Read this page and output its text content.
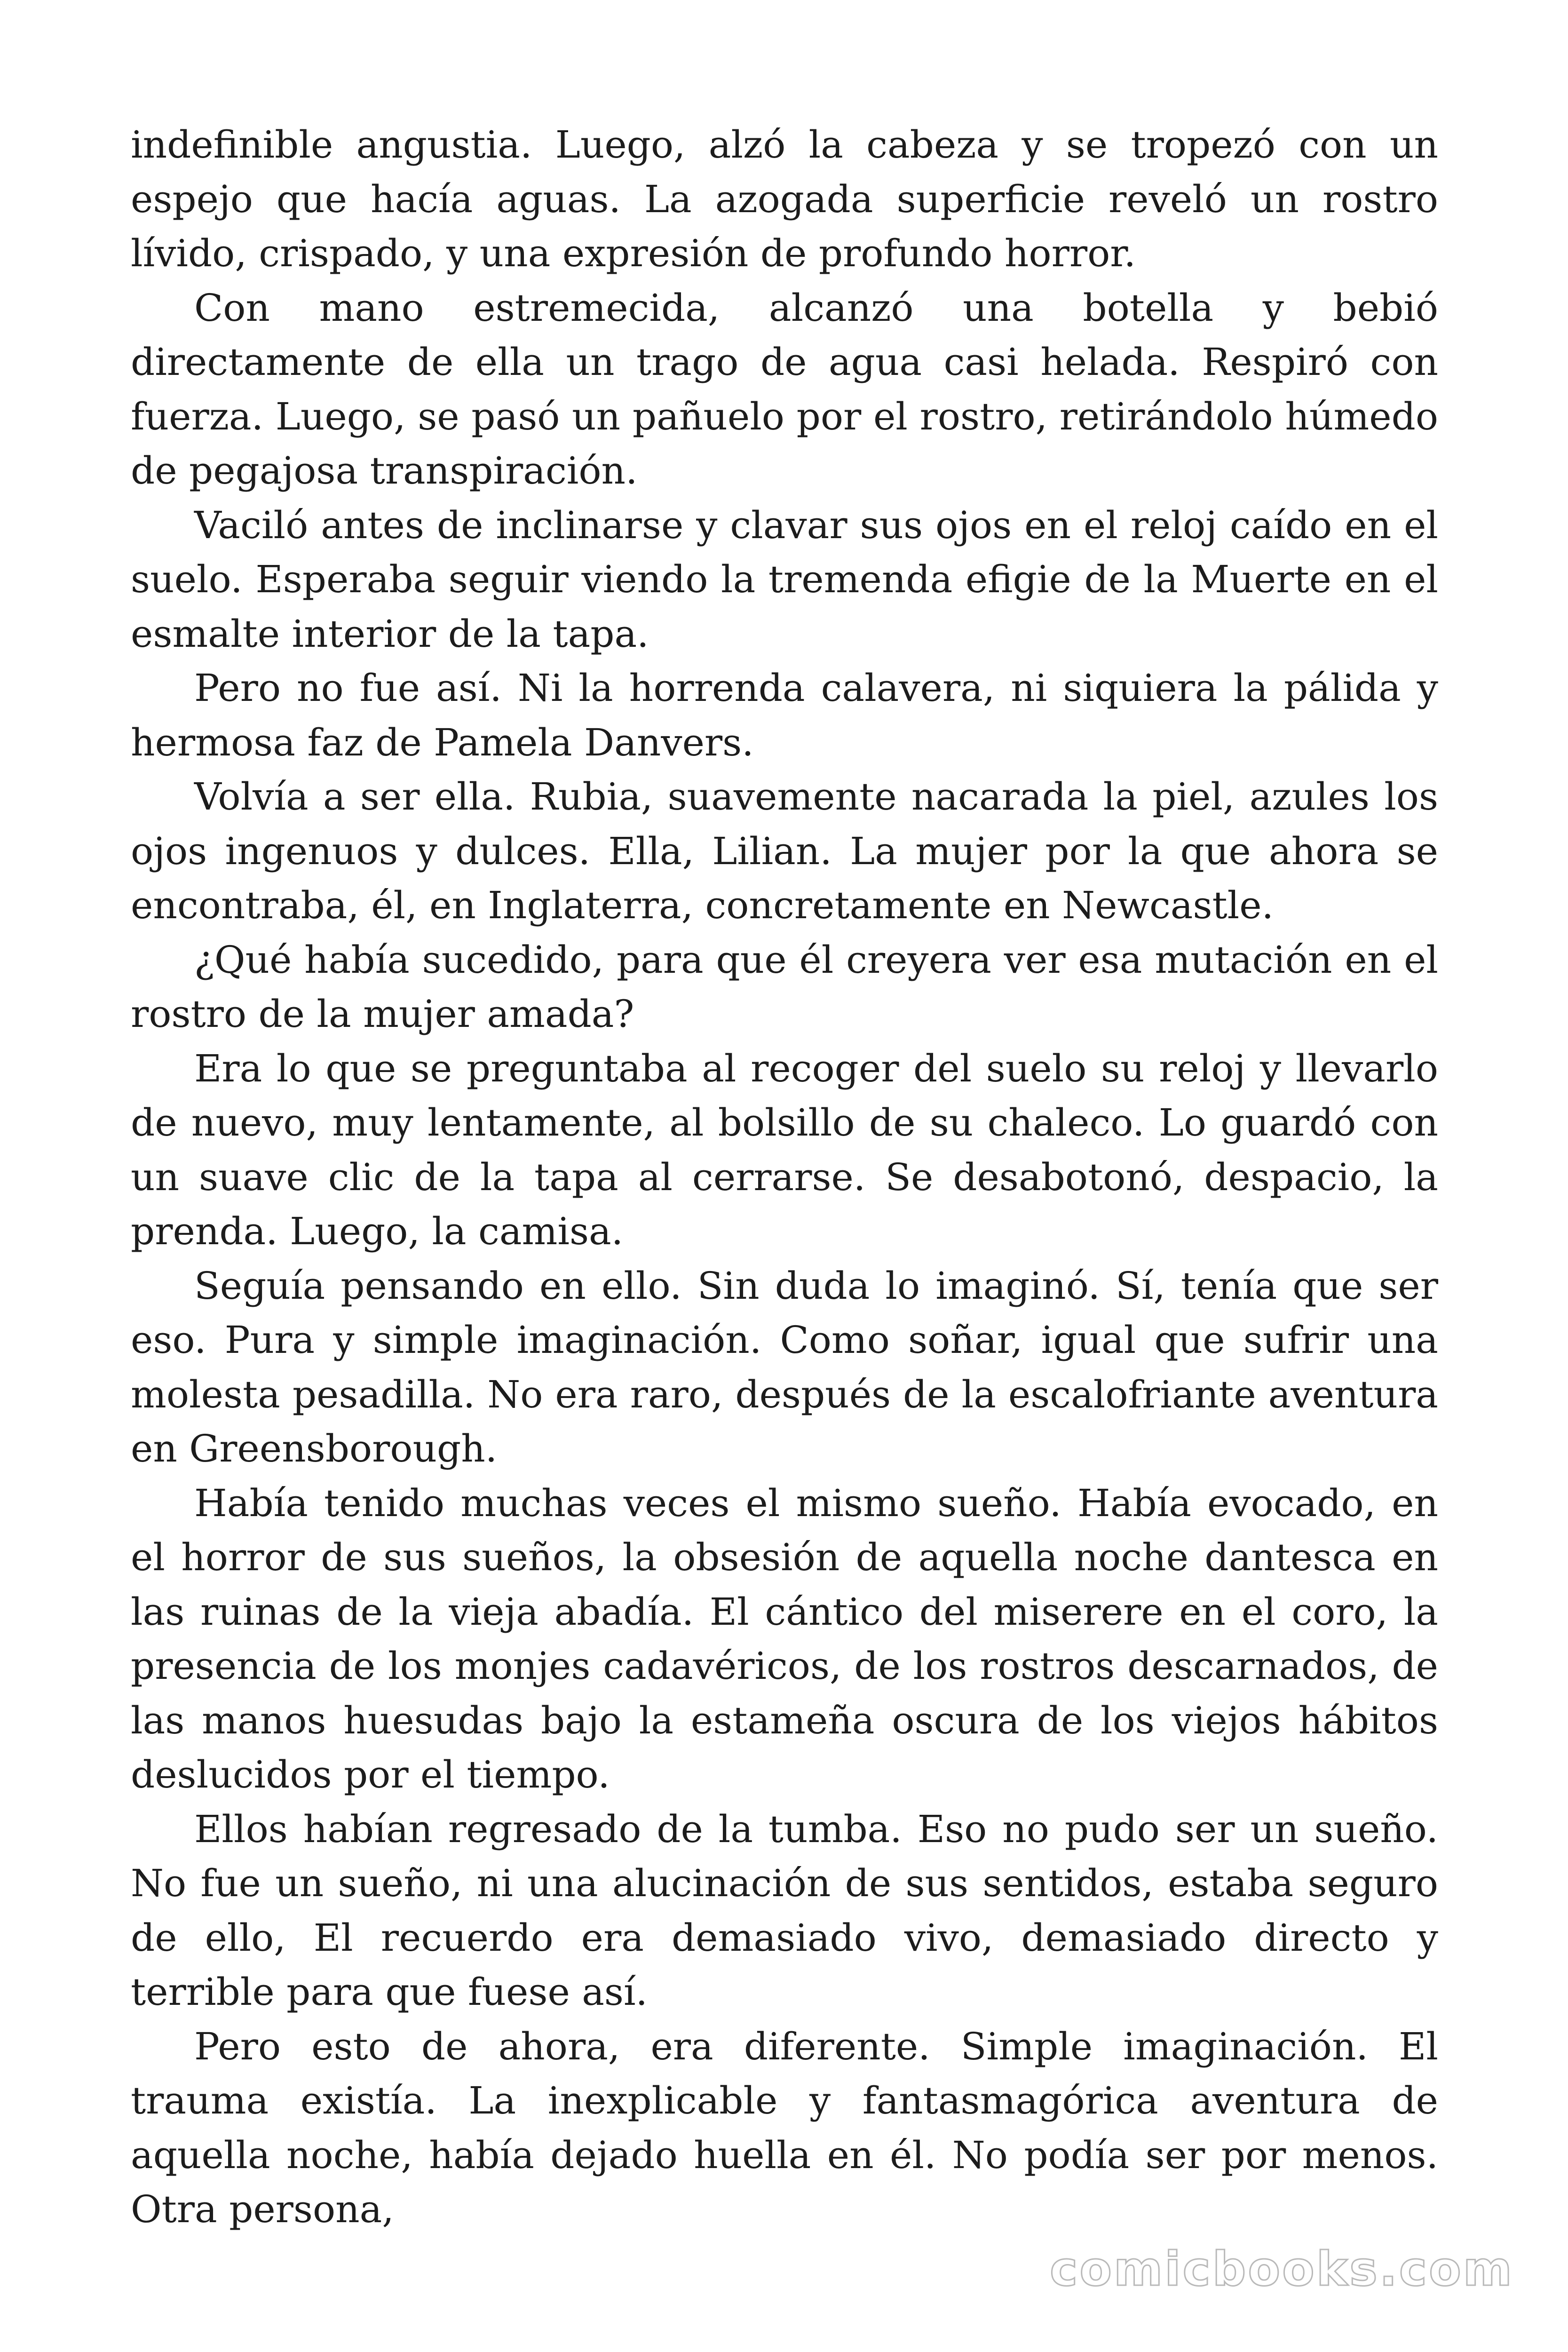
indefinible angustia. Luego, alzó la cabeza y se tropezó con un espejo que hacía aguas. La azogada superficie reveló un rostro lívido, crispado, y una expresión de profundo horror.

Con mano estremecida, alcanzó una botella y bebió directamente de ella un trago de agua casi helada. Respiró con fuerza. Luego, se pasó un pañuelo por el rostro, retirándolo húmedo de pegajosa transpiración.

Vaciló antes de inclinarse y clavar sus ojos en el reloj caído en el suelo. Esperaba seguir viendo la tremenda efigie de la Muerte en el esmalte interior de la tapa.

Pero no fue así. Ni la horrenda calavera, ni siquiera la pálida y hermosa faz de Pamela Danvers.

Volvía a ser ella. Rubia, suavemente nacarada la piel, azules los ojos ingenuos y dulces. Ella, Lilian. La mujer por la que ahora se encontraba, él, en Inglaterra, concretamente en Newcastle.

¿Qué había sucedido, para que él creyera ver esa mutación en el rostro de la mujer amada?

Era lo que se preguntaba al recoger del suelo su reloj y llevarlo de nuevo, muy lentamente, al bolsillo de su chaleco. Lo guardó con un suave clic de la tapa al cerrarse. Se desabotonó, despacio, la prenda. Luego, la camisa.

Seguía pensando en ello. Sin duda lo imaginó. Sí, tenía que ser eso. Pura y simple imaginación. Como soñar, igual que sufrir una molesta pesadilla. No era raro, después de la escalofriante aventura en Greensborough.

Había tenido muchas veces el mismo sueño. Había evocado, en el horror de sus sueños, la obsesión de aquella noche dantesca en las ruinas de la vieja abadía. El cántico del miserere en el coro, la presencia de los monjes cadavéricos, de los rostros descarnados, de las manos huesudas bajo la estameña oscura de los viejos hábitos deslucidos por el tiempo.

Ellos habían regresado de la tumba. Eso no pudo ser un sueño. No fue un sueño, ni una alucinación de sus sentidos, estaba seguro de ello, El recuerdo era demasiado vivo, demasiado directo y terrible para que fuese así.

Pero esto de ahora, era diferente. Simple imaginación. El trauma existía. La inexplicable y fantasmagórica aventura de aquella noche, había dejado huella en él. No podía ser por menos. Otra persona,

comicbooks.com
